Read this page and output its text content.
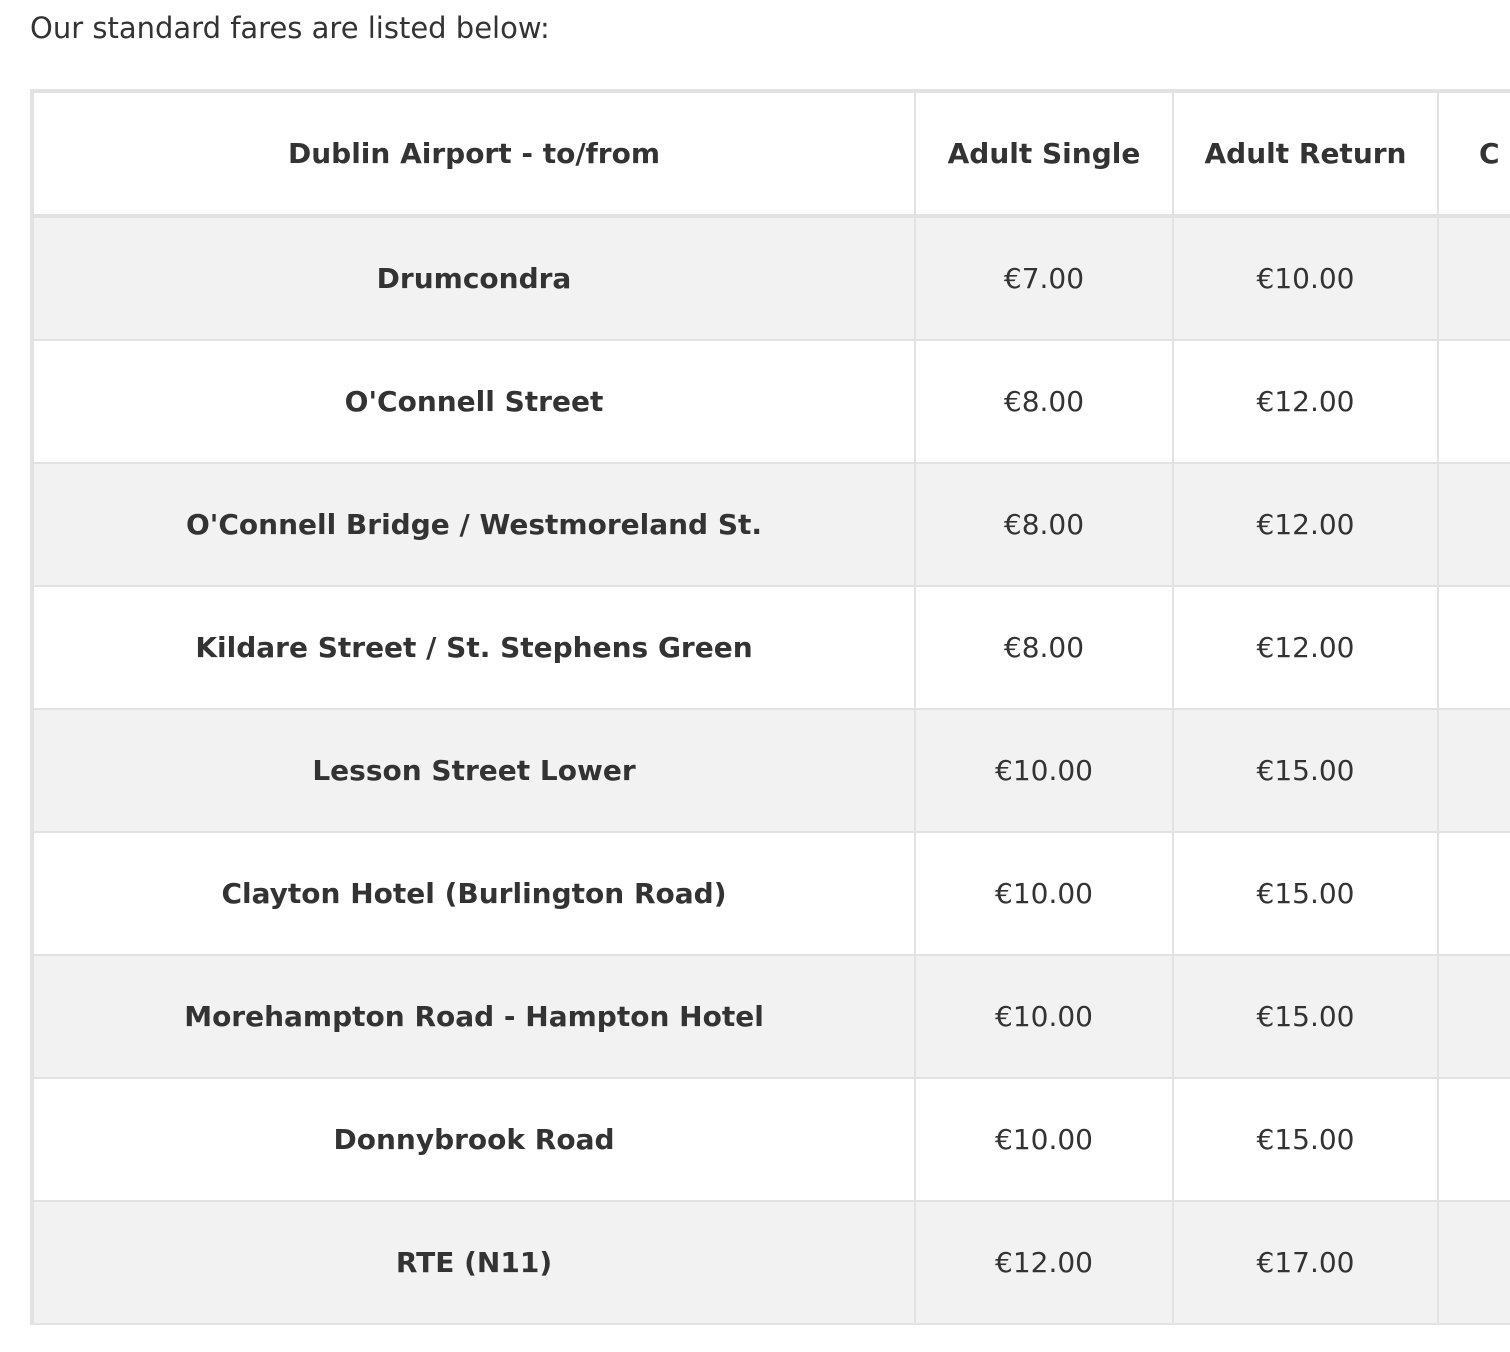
Our standard fares are listed below:

Dublin Airport - to/from	Adult Single	Adult Return	C
Drumcondra	€7.00	€10.00	
O'Connell Street	€8.00	€12.00	
O'Connell Bridge / Westmoreland St.	€8.00	€12.00	
Kildare Street / St. Stephens Green	€8.00	€12.00	
Lesson Street Lower	€10.00	€15.00	
Clayton Hotel (Burlington Road)	€10.00	€15.00	
Morehampton Road - Hampton Hotel	€10.00	€15.00	
Donnybrook Road	€10.00	€15.00	
RTE (N11)	€12.00	€17.00	
